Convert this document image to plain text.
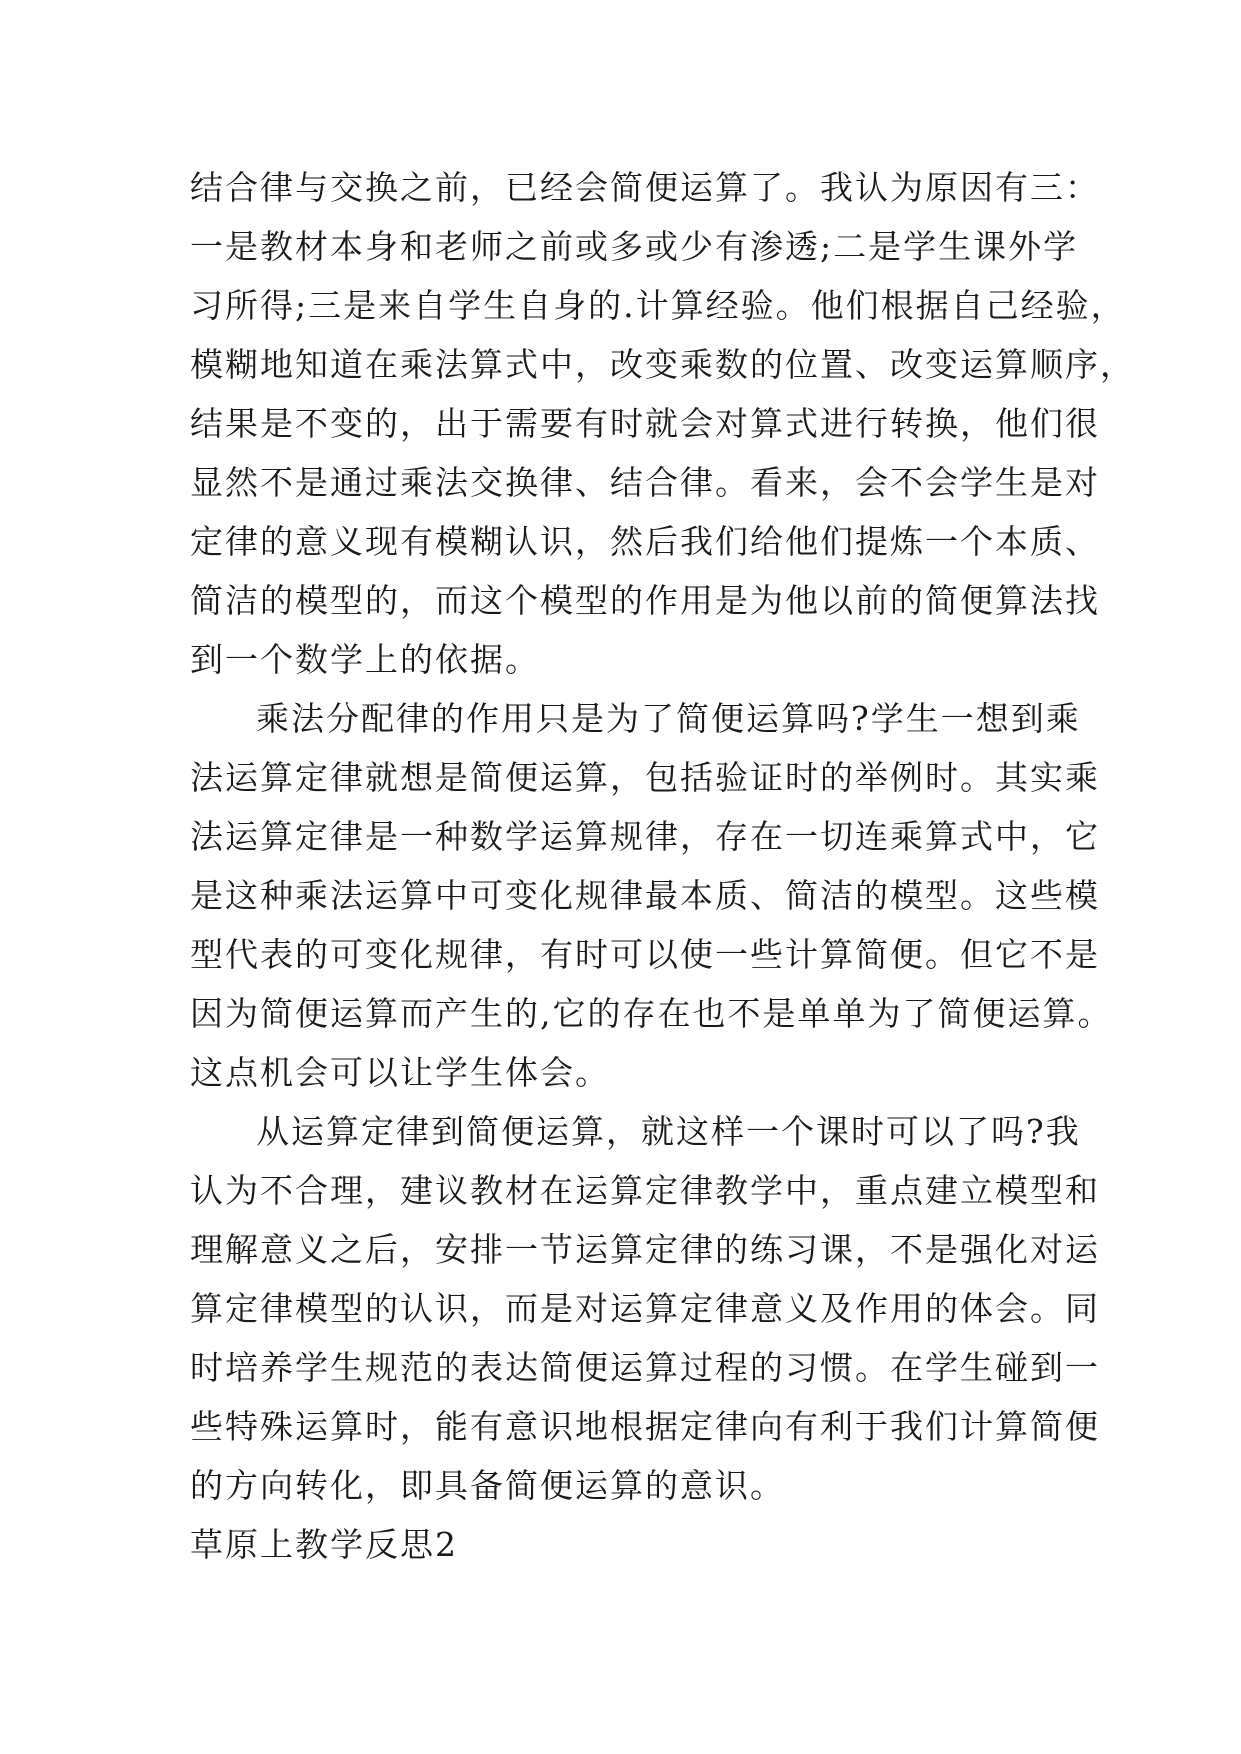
结合律与交换之前，已经会简便运算了。我认为原因有三：
一是教材本身和老师之前或多或少有渗透;二是学生课外学
习所得;三是来自学生自身的.计算经验。他们根据自己经验，
模糊地知道在乘法算式中，改变乘数的位置、改变运算顺序，
结果是不变的，出于需要有时就会对算式进行转换，他们很
显然不是通过乘法交换律、结合律。看来，会不会学生是对
定律的意义现有模糊认识，然后我们给他们提炼一个本质、
简洁的模型的，而这个模型的作用是为他以前的简便算法找
到一个数学上的依据。
乘法分配律的作用只是为了简便运算吗?学生一想到乘
法运算定律就想是简便运算，包括验证时的举例时。其实乘
法运算定律是一种数学运算规律，存在一切连乘算式中，它
是这种乘法运算中可变化规律最本质、简洁的模型。这些模
型代表的可变化规律，有时可以使一些计算简便。但它不是
因为简便运算而产生的,它的存在也不是单单为了简便运算。
这点机会可以让学生体会。
从运算定律到简便运算，就这样一个课时可以了吗?我
认为不合理，建议教材在运算定律教学中，重点建立模型和
理解意义之后，安排一节运算定律的练习课，不是强化对运
算定律模型的认识，而是对运算定律意义及作用的体会。同
时培养学生规范的表达简便运算过程的习惯。在学生碰到一
些特殊运算时，能有意识地根据定律向有利于我们计算简便
的方向转化，即具备简便运算的意识。
草原上教学反思2
